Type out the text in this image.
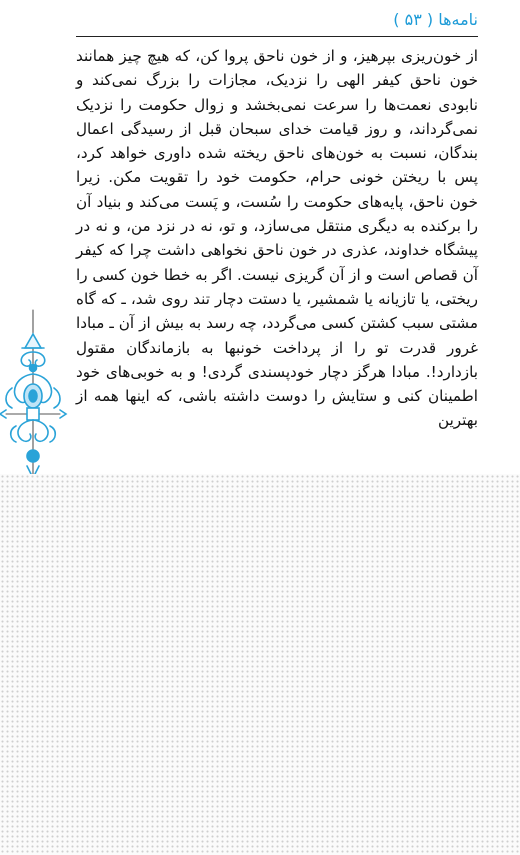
نامه‌ها ( ۵۳ )

از خون‌ریزی بپرهیز، و از خون ناحق پروا کن، که هیچ چیز همانند خون ناحق کیفر الهی را نزدیک، مجازات را بزرگ نمی‌کند و نابودی نعمت‌ها را سرعت نمی‌بخشد و زوال حکومت را نزدیک نمی‌گرداند، و روز قیامت خدای سبحان قبل از رسیدگی اعمال بندگان، نسبت به خون‌های ناحق ریخته شده داوری خواهد کرد، پس با ریختن خونی حرام، حکومت خود را تقویت مکن. زیرا خون ناحق، پایه‌های حکومت را سُست، و پَست می‌کند و بنیاد آن را برکنده به دیگری منتقل می‌سازد، و تو، نه در نزد من، و نه در پیشگاه خداوند، عذری در خون ناحق نخواهی داشت چرا که کیفر آن قصاص است و از آن گریزی نیست. اگر به خطا خون کسی را ریختی، یا تازیانه یا شمشیر، یا دستت دچار تند روی شد، ـ که گاه مشتی سبب کشتن کسی می‌گردد، چه رسد به بیش از آن ـ مبادا غرور قدرت تو را از پرداخت خونبها به بازماندگان مقتول بازدارد!. مبادا هرگز دچار خودپسندی گردی! و به خوبی‌های خود اطمینان کنی و ستایش را دوست داشته باشی، که اینها همه از بهترین
